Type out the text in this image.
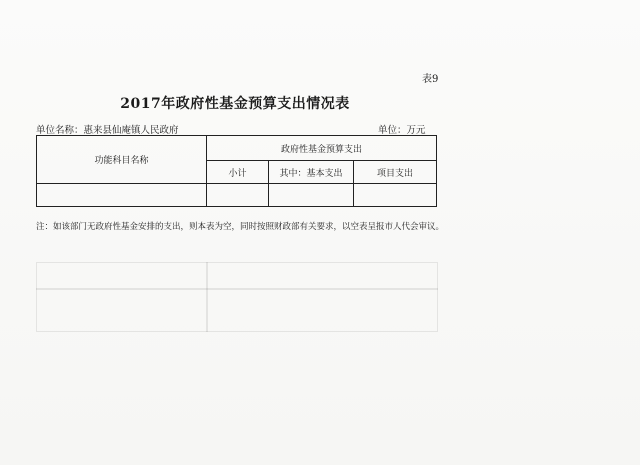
表9
2017年政府性基金预算支出情况表
单位名称：惠来县仙庵镇人民政府	单位：万元
功能科目名称	政府性基金预算支出		
	小计	其中：基本支出	项目支出

注：如该部门无政府性基金安排的支出，则本表为空，同时按照财政部有关要求，以空表呈报市人代会审议。
